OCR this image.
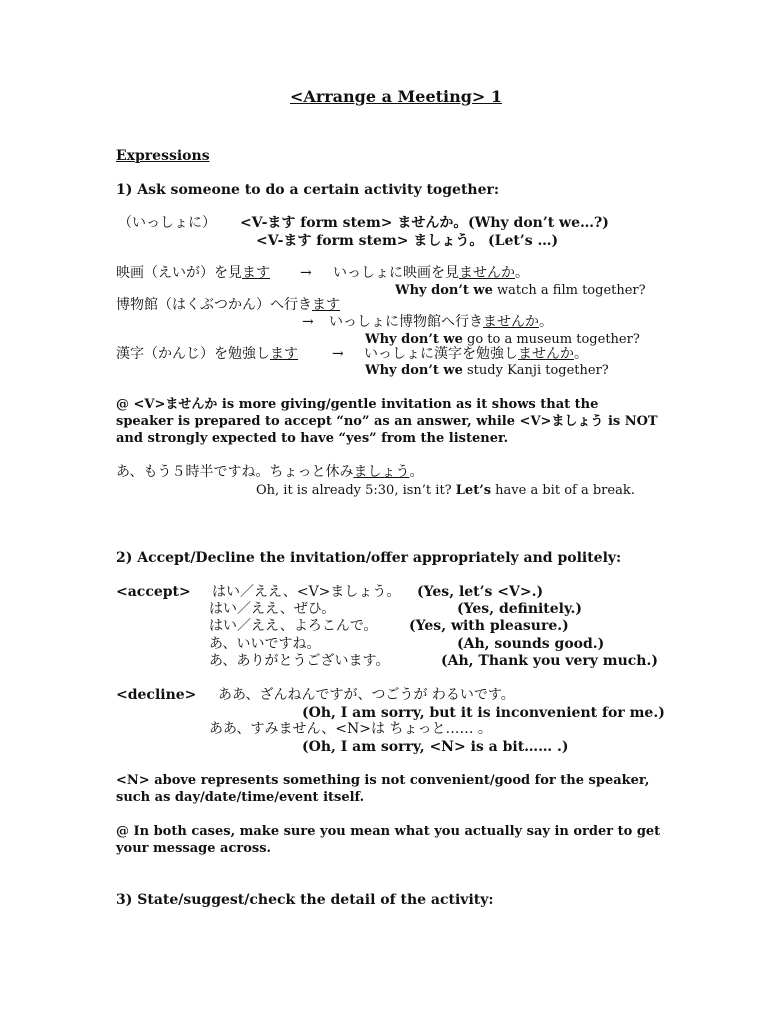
<Arrange a Meeting> 1
Expressions
1) Ask someone to do a certain activity together:
（いっしょに） <V-ます form stem> ませんか。 (Why don’t we…?)
<V-ます form stem> ましょう。 (Let’s …)
映画（えいが）を見ます → いっしょに映画を見ませんか。
Why don’t we watch a film together?
博物館（はくぶつかん）へ行きます
→ いっしょに博物館へ行きませんか。
Why don’t we go to a museum together?
漢字（かんじ）を勉強します → いっしょに漢字を勉強しませんか。
Why don’t we study Kanji together?
@ <V>ませんか is more giving/gentle invitation as it shows that the
speaker is prepared to accept “no” as an answer, while <V>ましょう is NOT
and strongly expected to have “yes” from the listener.
あ、もう５時半ですね。ちょっと休みましょう。
Oh, it is already 5:30, isn’t it? Let’s have a bit of a break.
2) Accept/Decline the invitation/offer appropriately and politely:
<accept> はい／ええ、<V>ましょう。 (Yes, let’s <V>.)
はい／ええ、ぜひ。	(Yes, definitely.)
はい／ええ、よろこんで。 (Yes, with pleasure.)
あ、いいですね。	(Ah, sounds good.)
あ、ありがとうございます。	(Ah, Thank you very much.)
<decline> ああ、ざんねんですが、つごうが わるいです。
(Oh, I am sorry, but it is inconvenient for me.)
ああ、すみません、<N>は ちょっと…… 。
(Oh, I am sorry, <N> is a bit…… .)
<N> above represents something is not convenient/good for the speaker,
such as day/date/time/event itself.
@ In both cases, make sure you mean what you actually say in order to get
your message across.
3) State/suggest/check the detail of the activity:
